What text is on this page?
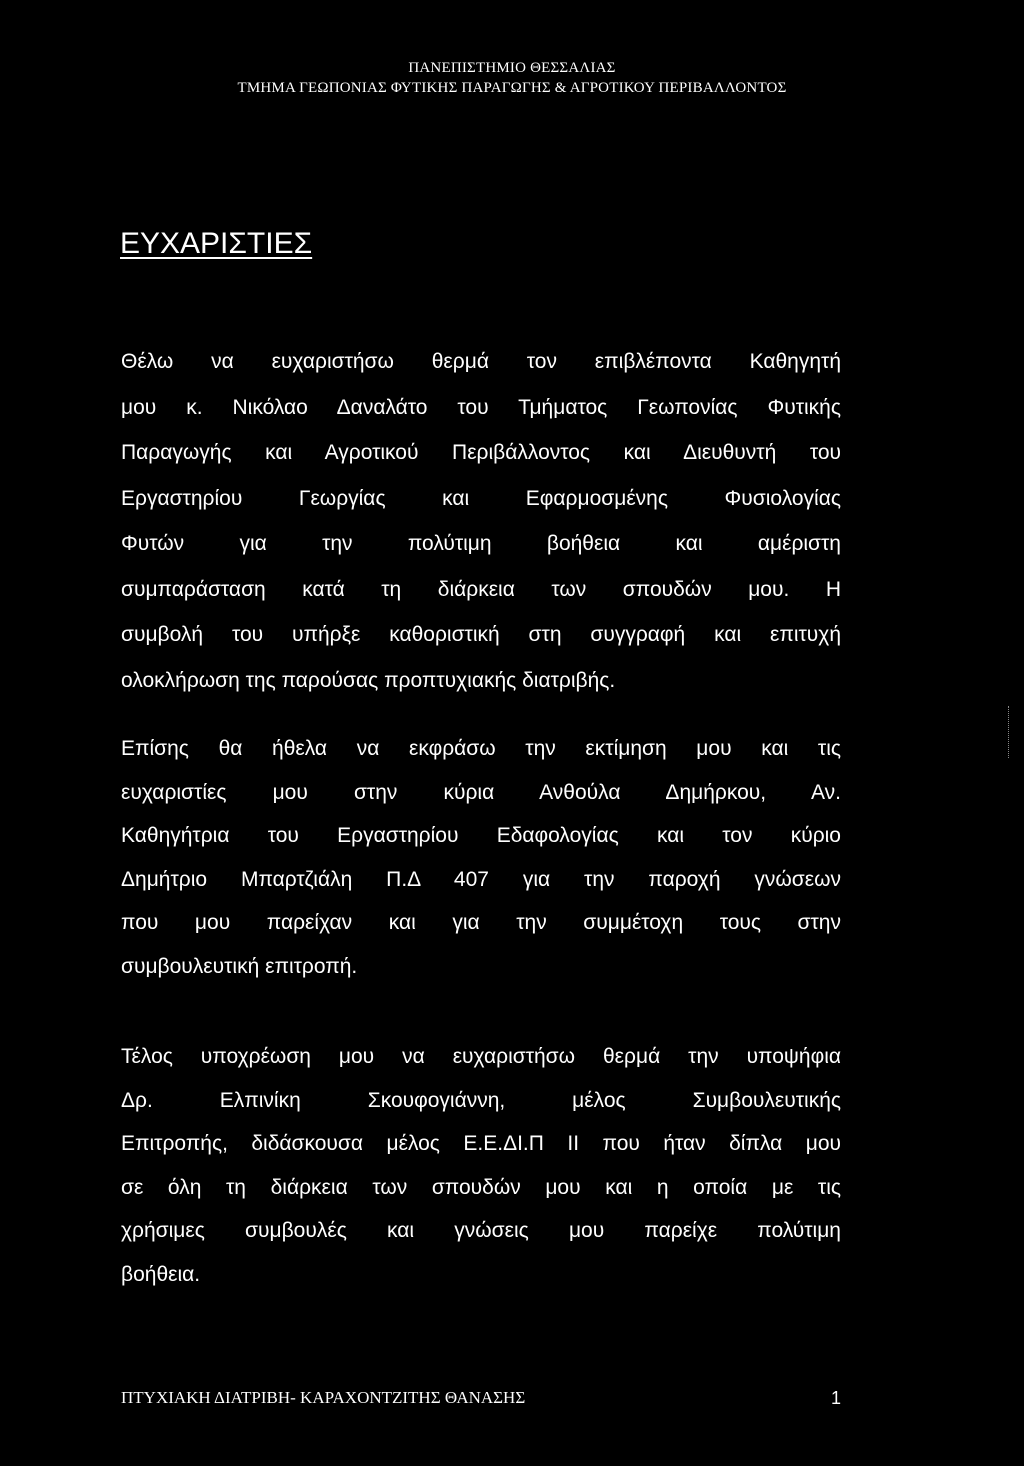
ΠΑΝΕΠΙΣΤΗΜΙΟ ΘΕΣΣΑΛΙΑΣ
ΤΜΗΜΑ ΓΕΩΠΟΝΙΑΣ ΦΥΤΙΚΗΣ ΠΑΡΑΓΩΓΗΣ & ΑΓΡΟΤΙΚΟΥ ΠΕΡΙΒΑΛΛΟΝΤΟΣ
ΕΥΧΑΡΙΣΤΙΕΣ
Θέλω να ευχαριστήσω θερμά τον επιβλέποντα Καθηγητή
μου κ. Νικόλαο Δαναλάτο του Τμήματος Γεωπονίας Φυτικής
Παραγωγής και Αγροτικού Περιβάλλοντος και Διευθυντή του
Εργαστηρίου Γεωργίας και Εφαρμοσμένης Φυσιολογίας
Φυτών για την πολύτιμη βοήθεια και αμέριστη
συμπαράσταση κατά τη διάρκεια των σπουδών μου. Η
συμβολή του υπήρξε καθοριστική στη συγγραφή και επιτυχή
ολοκλήρωση της παρούσας προπτυχιακής διατριβής.
Επίσης θα ήθελα να εκφράσω την εκτίμηση μου και τις
ευχαριστίες μου στην κύρια Ανθούλα Δημήρκου, Αν.
Καθηγήτρια του Εργαστηρίου Εδαφολογίας και τον κύριο
Δημήτριο Μπαρτζιάλη Π.Δ 407 για την παροχή γνώσεων
που μου παρείχαν και για την συμμέτοχη τους στην
συμβουλευτική επιτροπή.
Τέλος υποχρέωση μου να ευχαριστήσω θερμά την υποψήφια
Δρ. Ελπινίκη Σκουφογιάννη, μέλος Συμβουλευτικής
Επιτροπής, διδάσκουσα μέλος Ε.Ε.ΔΙ.Π ΙΙ που ήταν δίπλα μου
σε όλη τη διάρκεια των σπουδών μου και η οποία με τις
χρήσιμες συμβουλές και γνώσεις μου παρείχε πολύτιμη
βοήθεια.
ΠΤΥΧΙΑΚΗ ΔΙΑΤΡΙΒΗ- ΚΑΡΑΧΟΝΤΖΙΤΗΣ ΘΑΝΑΣΗΣ	1
